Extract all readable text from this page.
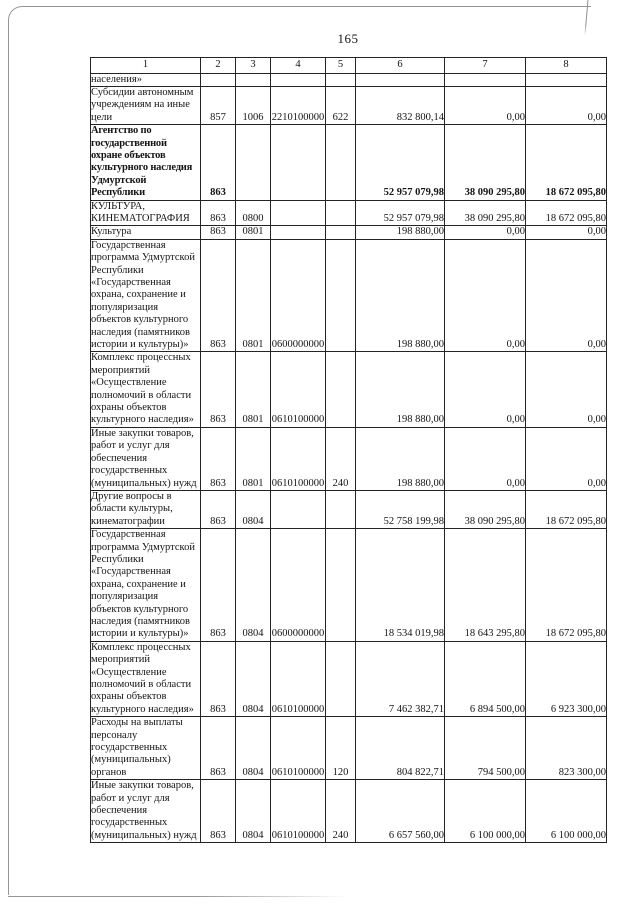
165
1	2	3	4	5	6	7	8
населения»							
Субсидии автономным учреждениям на иные цели	857	1006	2210100000	622	832 800,14	0,00	0,00
Агентство по государственной охране объектов культурного наследия Удмуртской Республики	863				52 957 079,98	38 090 295,80	18 672 095,80
КУЛЬТУРА, КИНЕМАТОГРАФИЯ	863	0800			52 957 079,98	38 090 295,80	18 672 095,80
Культура	863	0801			198 880,00	0,00	0,00
Государственная программа Удмуртской Республики «Государственная охрана, сохранение и популяризация объектов культурного наследия (памятников истории и культуры)»	863	0801	0600000000		198 880,00	0,00	0,00
Комплекс процессных мероприятий «Осуществление полномочий в области охраны объектов культурного наследия»	863	0801	0610100000		198 880,00	0,00	0,00
Иные закупки товаров, работ и услуг для обеспечения государственных (муниципальных) нужд	863	0801	0610100000	240	198 880,00	0,00	0,00
Другие вопросы в области культуры, кинематографии	863	0804			52 758 199,98	38 090 295,80	18 672 095,80
Государственная программа Удмуртской Республики «Государственная охрана, сохранение и популяризация объектов культурного наследия (памятников истории и культуры)»	863	0804	0600000000		18 534 019,98	18 643 295,80	18 672 095,80
Комплекс процессных мероприятий «Осуществление полномочий в области охраны объектов культурного наследия»	863	0804	0610100000		7 462 382,71	6 894 500,00	6 923 300,00
Расходы на выплаты персоналу государственных (муниципальных) органов	863	0804	0610100000	120	804 822,71	794 500,00	823 300,00
Иные закупки товаров, работ и услуг для обеспечения государственных (муниципальных) нужд	863	0804	0610100000	240	6 657 560,00	6 100 000,00	6 100 000,00
